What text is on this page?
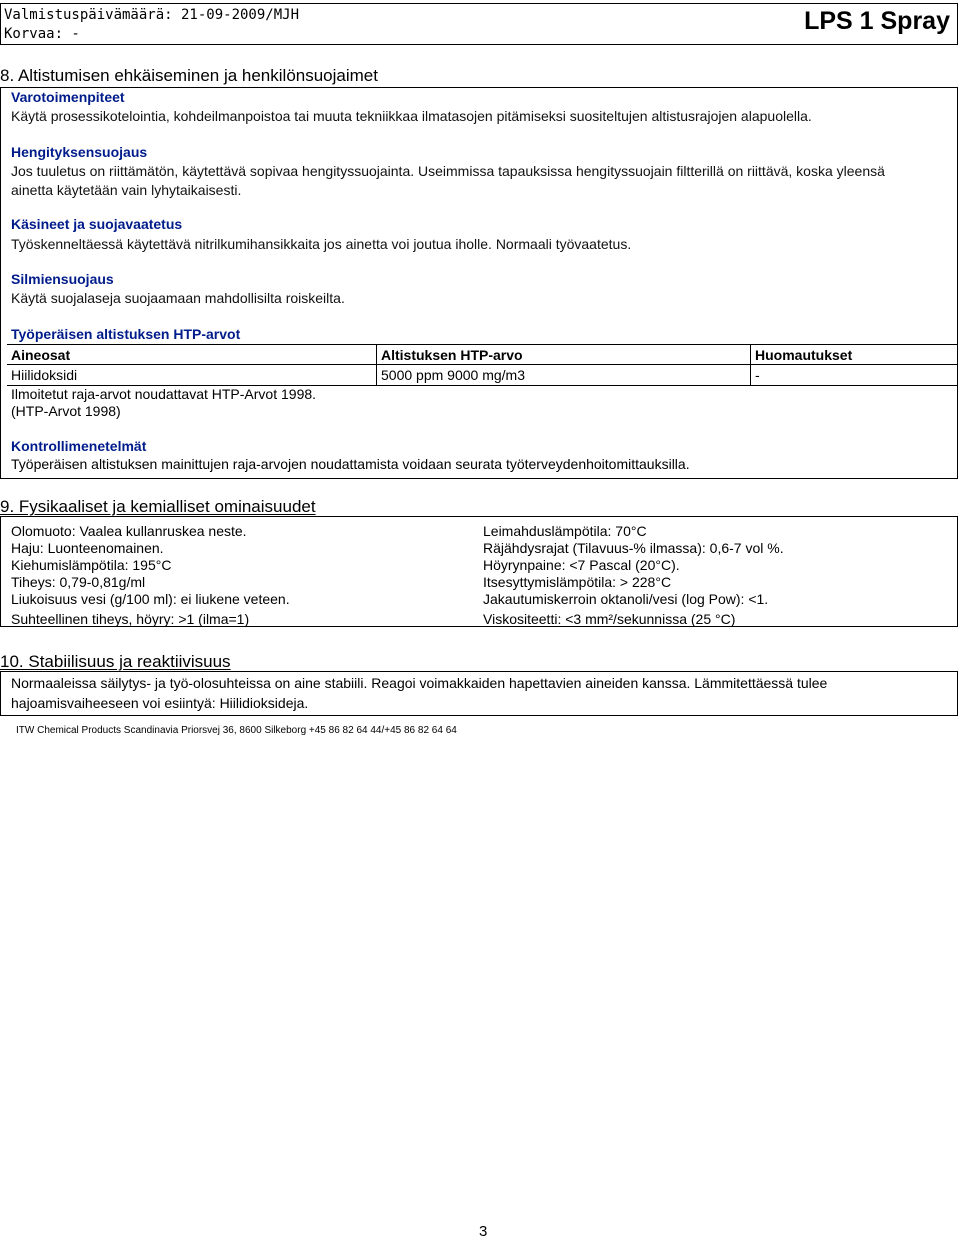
Valmistuspäivämäärä: 21-09-2009/MJH
Korvaa: -	LPS 1 Spray
8. Altistumisen ehkäiseminen ja henkilönsuojaimet
Varotoimenpiteet
Käytä prosessikotelointia, kohdeilmanpoistoa tai muuta tekniikkaa ilmatasojen pitämiseksi suositeltujen altistusrajojen alapuolella.
Hengityksensuojaus
Jos tuuletus on riittämätön, käytettävä sopivaa hengityssuojainta. Useimmissa tapauksissa hengityssuojain filtterillä on riittävä, koska yleensä
ainetta käytetään vain lyhytaikaisesti.
Käsineet ja suojavaatetus
Työskenneltäessä käytettävä nitrilkumihansikkaita jos ainetta voi joutua iholle. Normaali työvaatetus.
Silmiensuojaus
Käytä suojalaseja suojaamaan mahdollisilta roiskeilta.
Työperäisen altistuksen HTP-arvot
Aineosat	Altistuksen HTP-arvo	Huomautukset
Hiilidoksidi	5000 ppm 9000 mg/m3	-
Ilmoitetut raja-arvot noudattavat HTP-Arvot 1998.
(HTP-Arvot 1998)
Kontrollimenetelmät
Työperäisen altistuksen mainittujen raja-arvojen noudattamista voidaan seurata työterveydenhoitomittauksilla.
9. Fysikaaliset ja kemialliset ominaisuudet
Olomuoto: Vaalea kullanruskea neste.
Haju: Luonteenomainen.
Kiehumislämpötila: 195°C
Tiheys: 0,79-0,81g/ml
Liukoisuus vesi (g/100 ml): ei liukene veteen.
Suhteellinen tiheys, höyry: >1 (ilma=1)
Leimahduslämpötila: 70°C
Räjähdysrajat (Tilavuus-% ilmassa): 0,6-7 vol %.
Höyrynpaine: <7 Pascal (20°C).
Itsesyttymislämpötila: > 228°C
Jakautumiskerroin oktanoli/vesi (log Pow): <1.
Viskositeetti: <3 mm²/sekunnissa (25 °C)
10. Stabiilisuus ja reaktiivisuus
Normaaleissa säilytys- ja työ-olosuhteissa on aine stabiili. Reagoi voimakkaiden hapettavien aineiden kanssa. Lämmitettäessä tulee
hajoamisvaiheeseen voi esiintyä: Hiilidioksideja.
ITW Chemical Products Scandinavia Priorsvej 36, 8600 Silkeborg +45 86 82 64 44/+45 86 82 64 64
3
